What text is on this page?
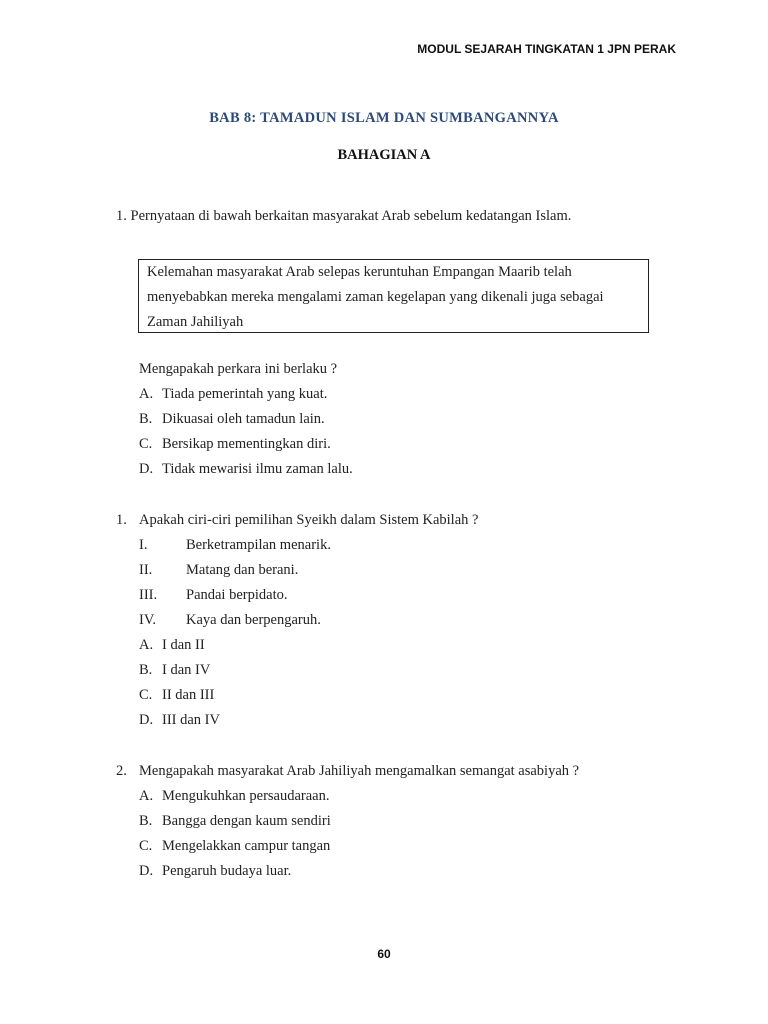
MODUL SEJARAH TINGKATAN 1 JPN PERAK
BAB 8: TAMADUN ISLAM DAN SUMBANGANNYA
BAHAGIAN A
1. Pernyataan di bawah berkaitan masyarakat Arab sebelum kedatangan Islam.
Kelemahan masyarakat Arab selepas keruntuhan Empangan Maarib telah
menyebabkan mereka mengalami zaman kegelapan yang dikenali juga sebagai
Zaman Jahiliyah
Mengapakah perkara ini berlaku ?
A. Tiada pemerintah yang kuat.
B. Dikuasai oleh tamadun lain.
C. Bersikap mementingkan diri.
D. Tidak mewarisi ilmu zaman lalu.
1. Apakah ciri-ciri pemilihan Syeikh dalam Sistem Kabilah ?
I.	Berketrampilan menarik.
II. Matang dan berani.
III. Pandai berpidato.
IV. Kaya dan berpengaruh.
A. I dan II
B. I dan IV
C. II dan III
D. III dan IV
2. Mengapakah masyarakat Arab Jahiliyah mengamalkan semangat asabiyah ?
A. Mengukuhkan persaudaraan.
B. Bangga dengan kaum sendiri
C. Mengelakkan campur tangan
D. Pengaruh budaya luar.
60
